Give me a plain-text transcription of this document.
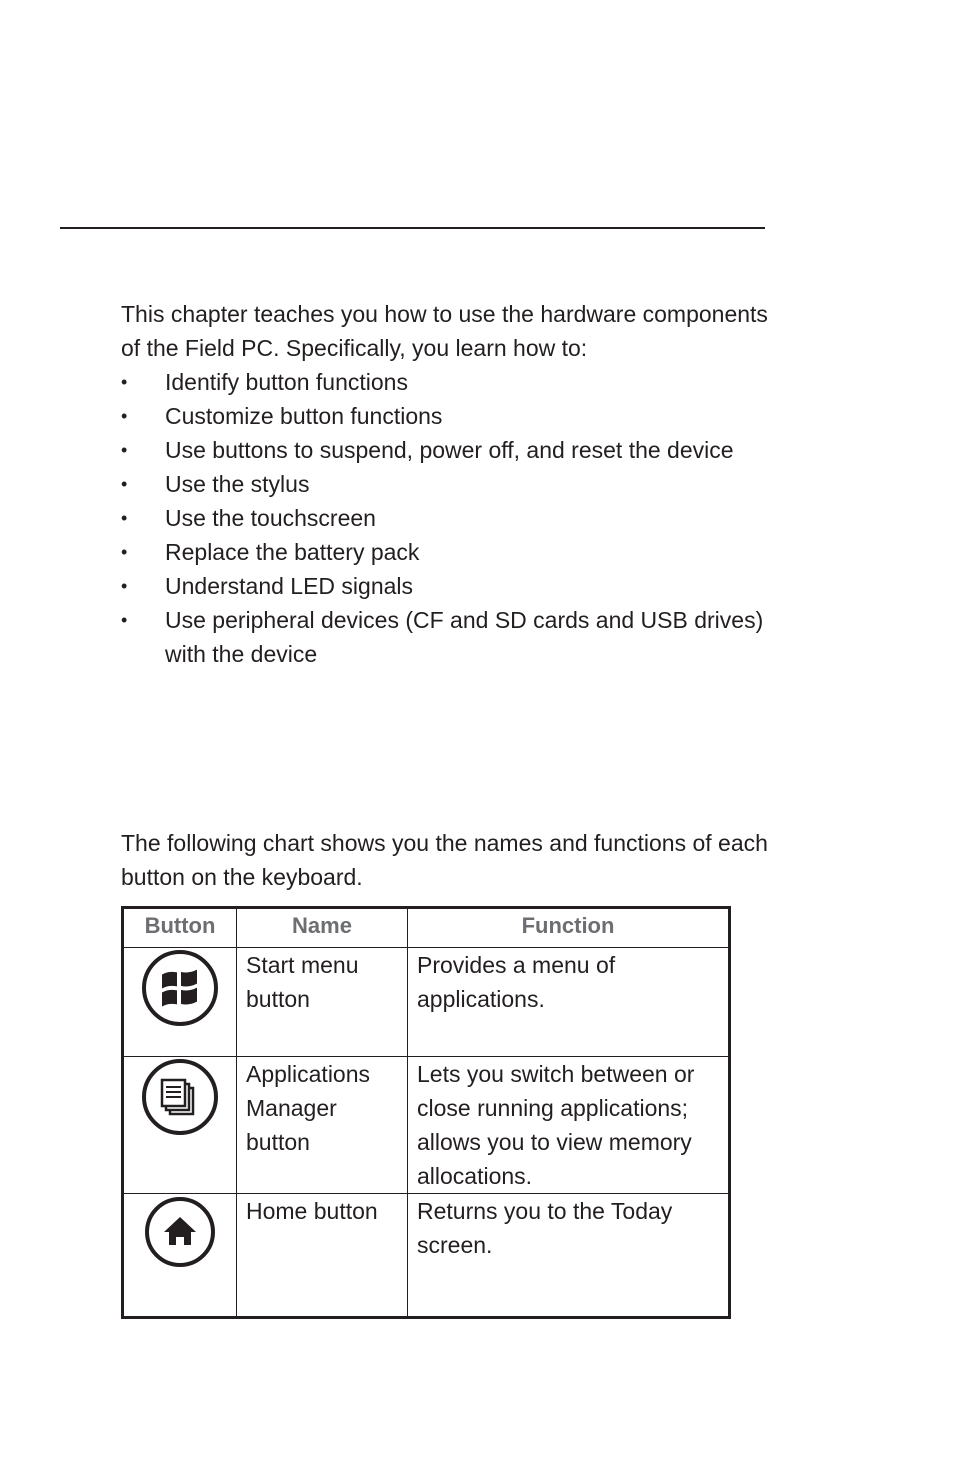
This chapter teaches you how to use the hardware components of the Field PC. Specifically, you learn how to:

• Identify button functions
• Customize button functions
• Use buttons to suspend, power off, and reset the device
• Use the stylus
• Use the touchscreen
• Replace the battery pack
• Understand LED signals
• Use peripheral devices (CF and SD cards and USB drives) with the device

The following chart shows you the names and functions of each button on the keyboard.

Button	Name	Function

	Start menu button	Provides a menu of applications.

	Applications Manager button	Lets you switch between or close running applications; allows you to view memory allocations.

	Home button	Returns you to the Today screen.
